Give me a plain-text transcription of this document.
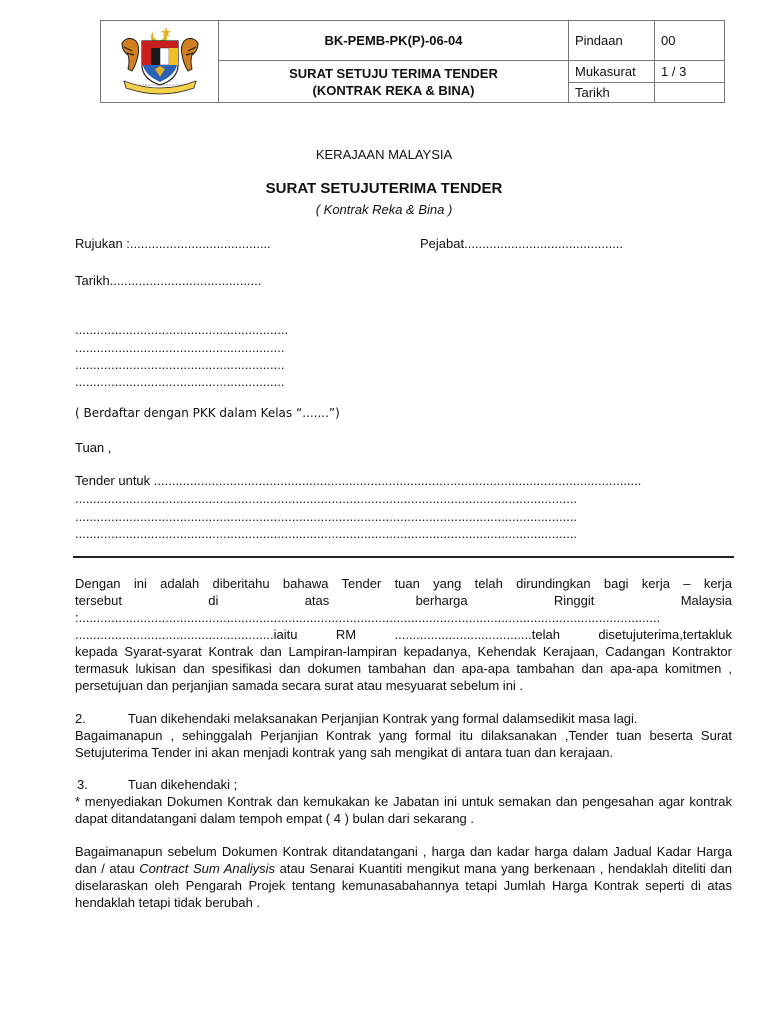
	BK-PEMB-PK(P)-06-04	Pindaan	00
	SURAT SETUJU TERIMA TENDER
(KONTRAK REKA & BINA)	Mukasurat	1 / 3
		Tarikh	
KERAJAAN MALAYSIA
SURAT SETUJUTERIMA TENDER
( Kontrak Reka & Bina )
Rujukan :.......................................	Pejabat............................................
Tarikh..........................................
...........................................................
..........................................................
..........................................................
..........................................................
( Berdaftar dengan PKK dalam Kelas “.......”)
Tuan ,
Tender untuk .......................................................................................................................................
...........................................................................................................................................
...........................................................................................................................................
...........................................................................................................................................
Dengan ini adalah diberitahu bahawa Tender tuan yang telah dirundingkan bagi kerja – kerja
tersebut	di	atas	berharga	Ringgit	Malaysia
:.................................................................................................................................................................
.......................................................iaitu RM ......................................telah disetujuterima,tertakluk
kepada Syarat-syarat Kontrak dan Lampiran-lampiran kepadanya, Kehendak Kerajaan, Cadangan Kontraktor termasuk lukisan dan spesifikasi dan dokumen tambahan dan apa-apa tambahan dan apa-apa komitmen , persetujuan dan perjanjian samada secara surat atau mesyuarat sebelum ini .
2.	Tuan dikehendaki melaksanakan Perjanjian Kontrak yang formal dalamsedikit masa lagi.
Bagaimanapun , sehinggalah Perjanjian Kontrak yang formal itu dilaksanakan ,Tender tuan beserta Surat Setujuterima Tender ini akan menjadi kontrak yang sah mengikat di antara tuan dan kerajaan.
3.	Tuan dikehendaki ;
* menyediakan Dokumen Kontrak dan kemukakan ke Jabatan ini untuk semakan dan pengesahan agar kontrak dapat ditandatangani dalam tempoh empat ( 4 ) bulan dari sekarang .
Bagaimanapun sebelum Dokumen Kontrak ditandatangani , harga dan kadar harga dalam Jadual Kadar Harga dan / atau Contract Sum Analiysis atau Senarai Kuantiti mengikut mana yang berkenaan , hendaklah diteliti dan diselaraskan oleh Pengarah Projek tentang kemunasabahannya tetapi Jumlah Harga Kontrak seperti di atas hendaklah tetapi tidak berubah .
